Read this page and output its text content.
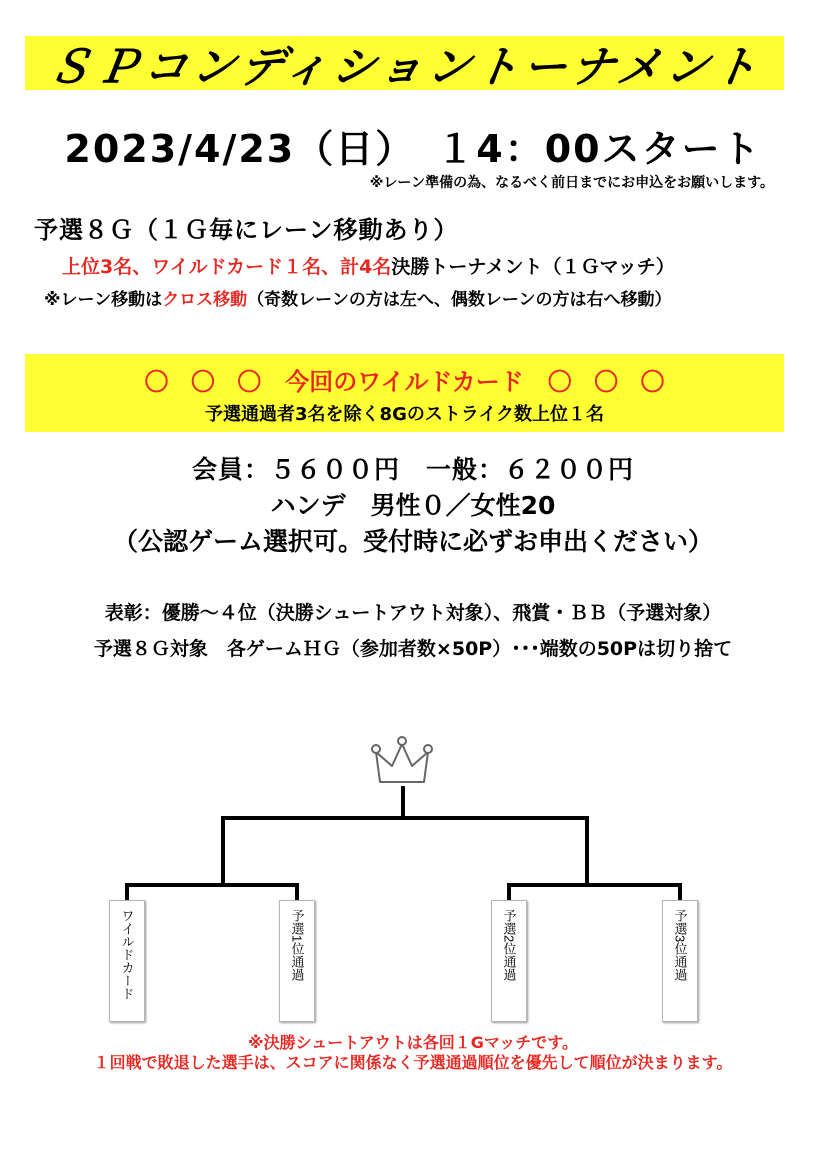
ＳＰコンディショントーナメント
2023/4/23（日）　１4：00スタート
※レーン準備の為、なるべく前日までにお申込をお願いします。
予選８Ｇ（１Ｇ毎にレーン移動あり）
上位3名、ワイルドカード１名、計4名決勝トーナメント（１Ｇマッチ）
※レーン移動はクロス移動（奇数レーンの方は左へ、偶数レーンの方は右へ移動）
〇 〇 〇　今回のワイルドカード　〇 〇 〇
予選通過者3名を除く8Gのストライク数上位１名
会員：５６００円　一般：６２００円
ハンデ　男性０／女性20
（公認ゲーム選択可。受付時に必ずお申出ください）
表彰：優勝～４位（決勝シュートアウト対象）、飛賞・ＢＢ（予選対象）
予選８Ｇ対象　各ゲームＨＧ（参加者数×50P）･･･端数の50Pは切り捨て
ワイルドカード	予選1位通過	予選2位通過	予選3位通過
※決勝シュートアウトは各回１Gマッチです。
１回戦で敗退した選手は、スコアに関係なく予選通過順位を優先して順位が決まります。
